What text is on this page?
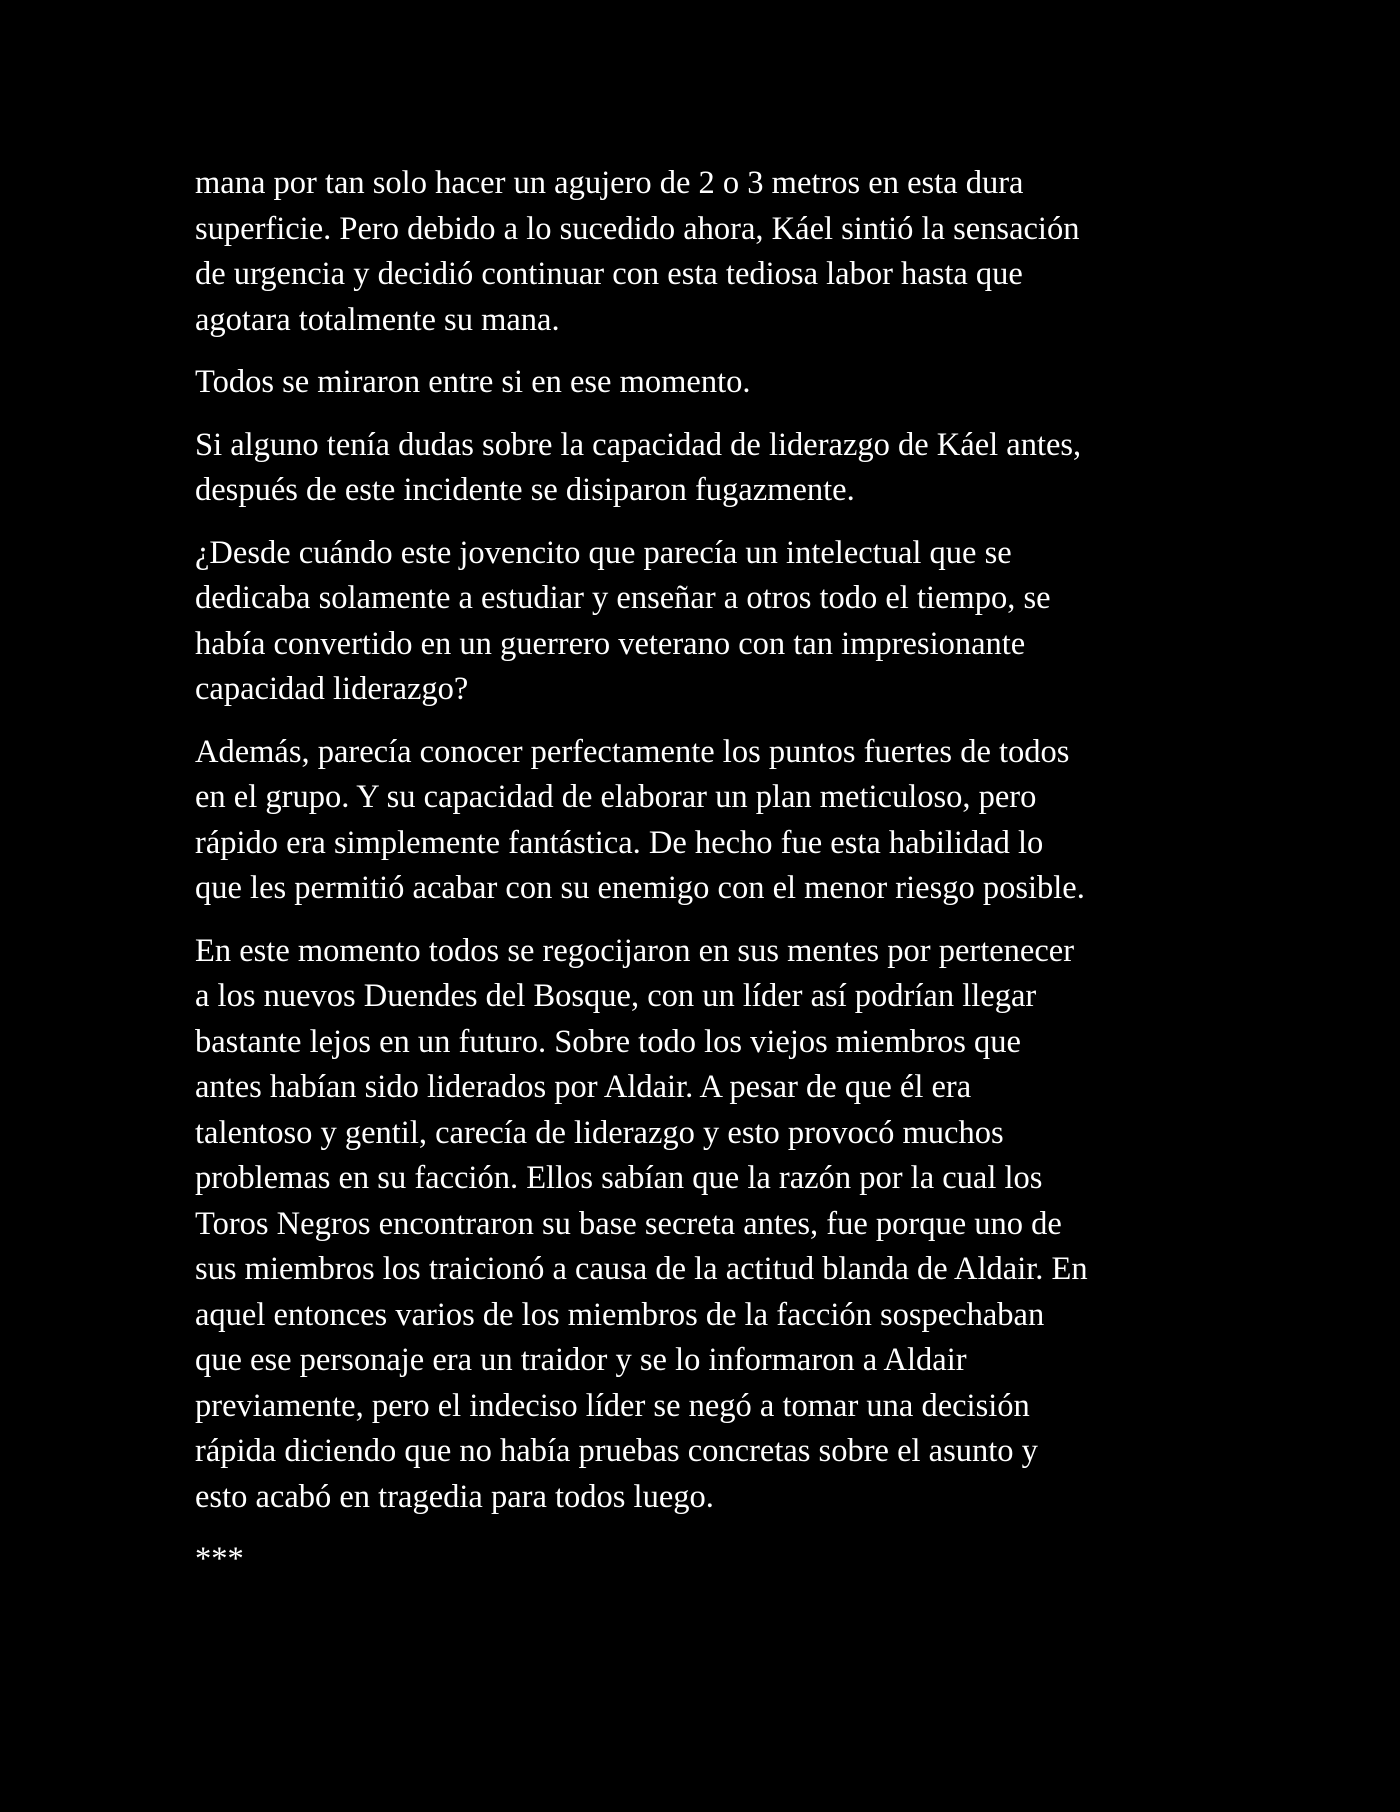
mana por tan solo hacer un agujero de 2 o 3 metros en esta dura
superficie. Pero debido a lo sucedido ahora, Káel sintió la sensación
de urgencia y decidió continuar con esta tediosa labor hasta que
agotara totalmente su mana.

Todos se miraron entre si en ese momento.

Si alguno tenía dudas sobre la capacidad de liderazgo de Káel antes,
después de este incidente se disiparon fugazmente.

¿Desde cuándo este jovencito que parecía un intelectual que se
dedicaba solamente a estudiar y enseñar a otros todo el tiempo, se
había convertido en un guerrero veterano con tan impresionante
capacidad liderazgo?

Además, parecía conocer perfectamente los puntos fuertes de todos
en el grupo. Y su capacidad de elaborar un plan meticuloso, pero
rápido era simplemente fantástica. De hecho fue esta habilidad lo
que les permitió acabar con su enemigo con el menor riesgo posible.

En este momento todos se regocijaron en sus mentes por pertenecer
a los nuevos Duendes del Bosque, con un líder así podrían llegar
bastante lejos en un futuro. Sobre todo los viejos miembros que
antes habían sido liderados por Aldair. A pesar de que él era
talentoso y gentil, carecía de liderazgo y esto provocó muchos
problemas en su facción. Ellos sabían que la razón por la cual los
Toros Negros encontraron su base secreta antes, fue porque uno de
sus miembros los traicionó a causa de la actitud blanda de Aldair. En
aquel entonces varios de los miembros de la facción sospechaban
que ese personaje era un traidor y se lo informaron a Aldair
previamente, pero el indeciso líder se negó a tomar una decisión
rápida diciendo que no había pruebas concretas sobre el asunto y
esto acabó en tragedia para todos luego.

***
